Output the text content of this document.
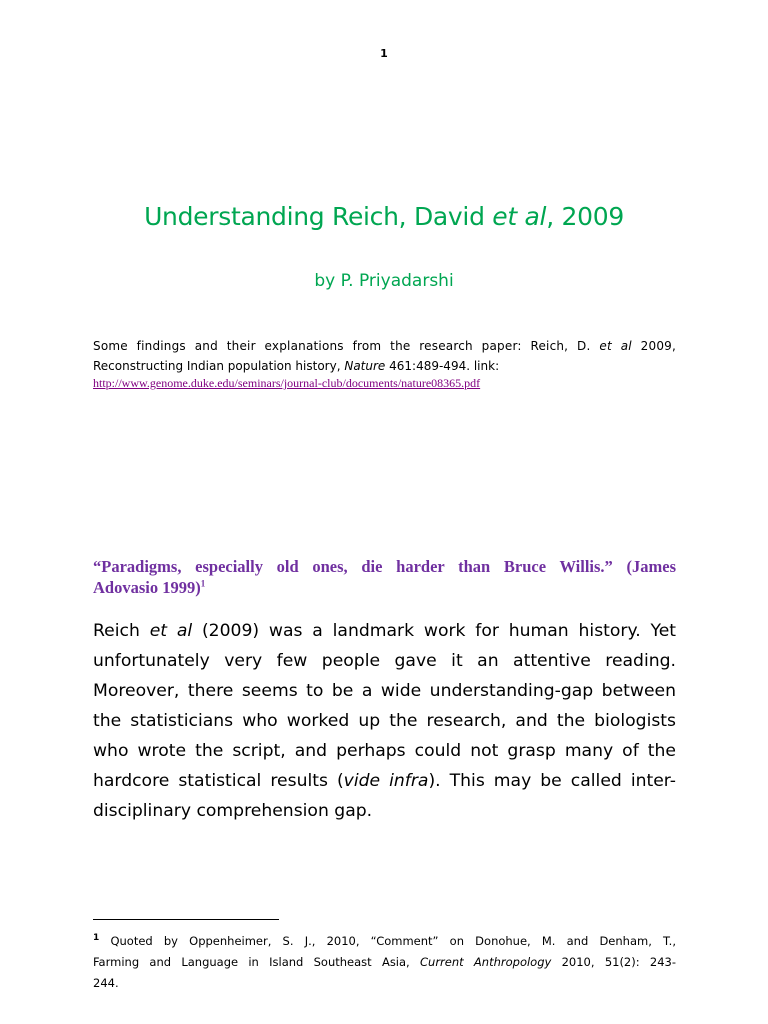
1
Understanding Reich, David et al, 2009
by P. Priyadarshi
Some findings and their explanations from the research paper: Reich, D. et al 2009,
Reconstructing Indian population history, Nature 461:489-494. link:
http://www.genome.duke.edu/seminars/journal-club/documents/nature08365.pdf
“Paradigms, especially old ones, die harder than Bruce Willis.” (James
Adovasio 1999)$^1$
Reich et al (2009) was a landmark work for human history. Yet
unfortunately very few people gave it an attentive reading.
Moreover, there seems to be a wide understanding-gap between
the statisticians who worked up the research, and the biologists
who wrote the script, and perhaps could not grasp many of the
hardcore statistical results (vide infra). This may be called inter-
disciplinary comprehension gap.
$^1$ Quoted by Oppenheimer, S. J., 2010, “Comment” on Donohue, M. and Denham, T.,
Farming and Language in Island Southeast Asia, Current Anthropology 2010, 51(2): 243-
244.
